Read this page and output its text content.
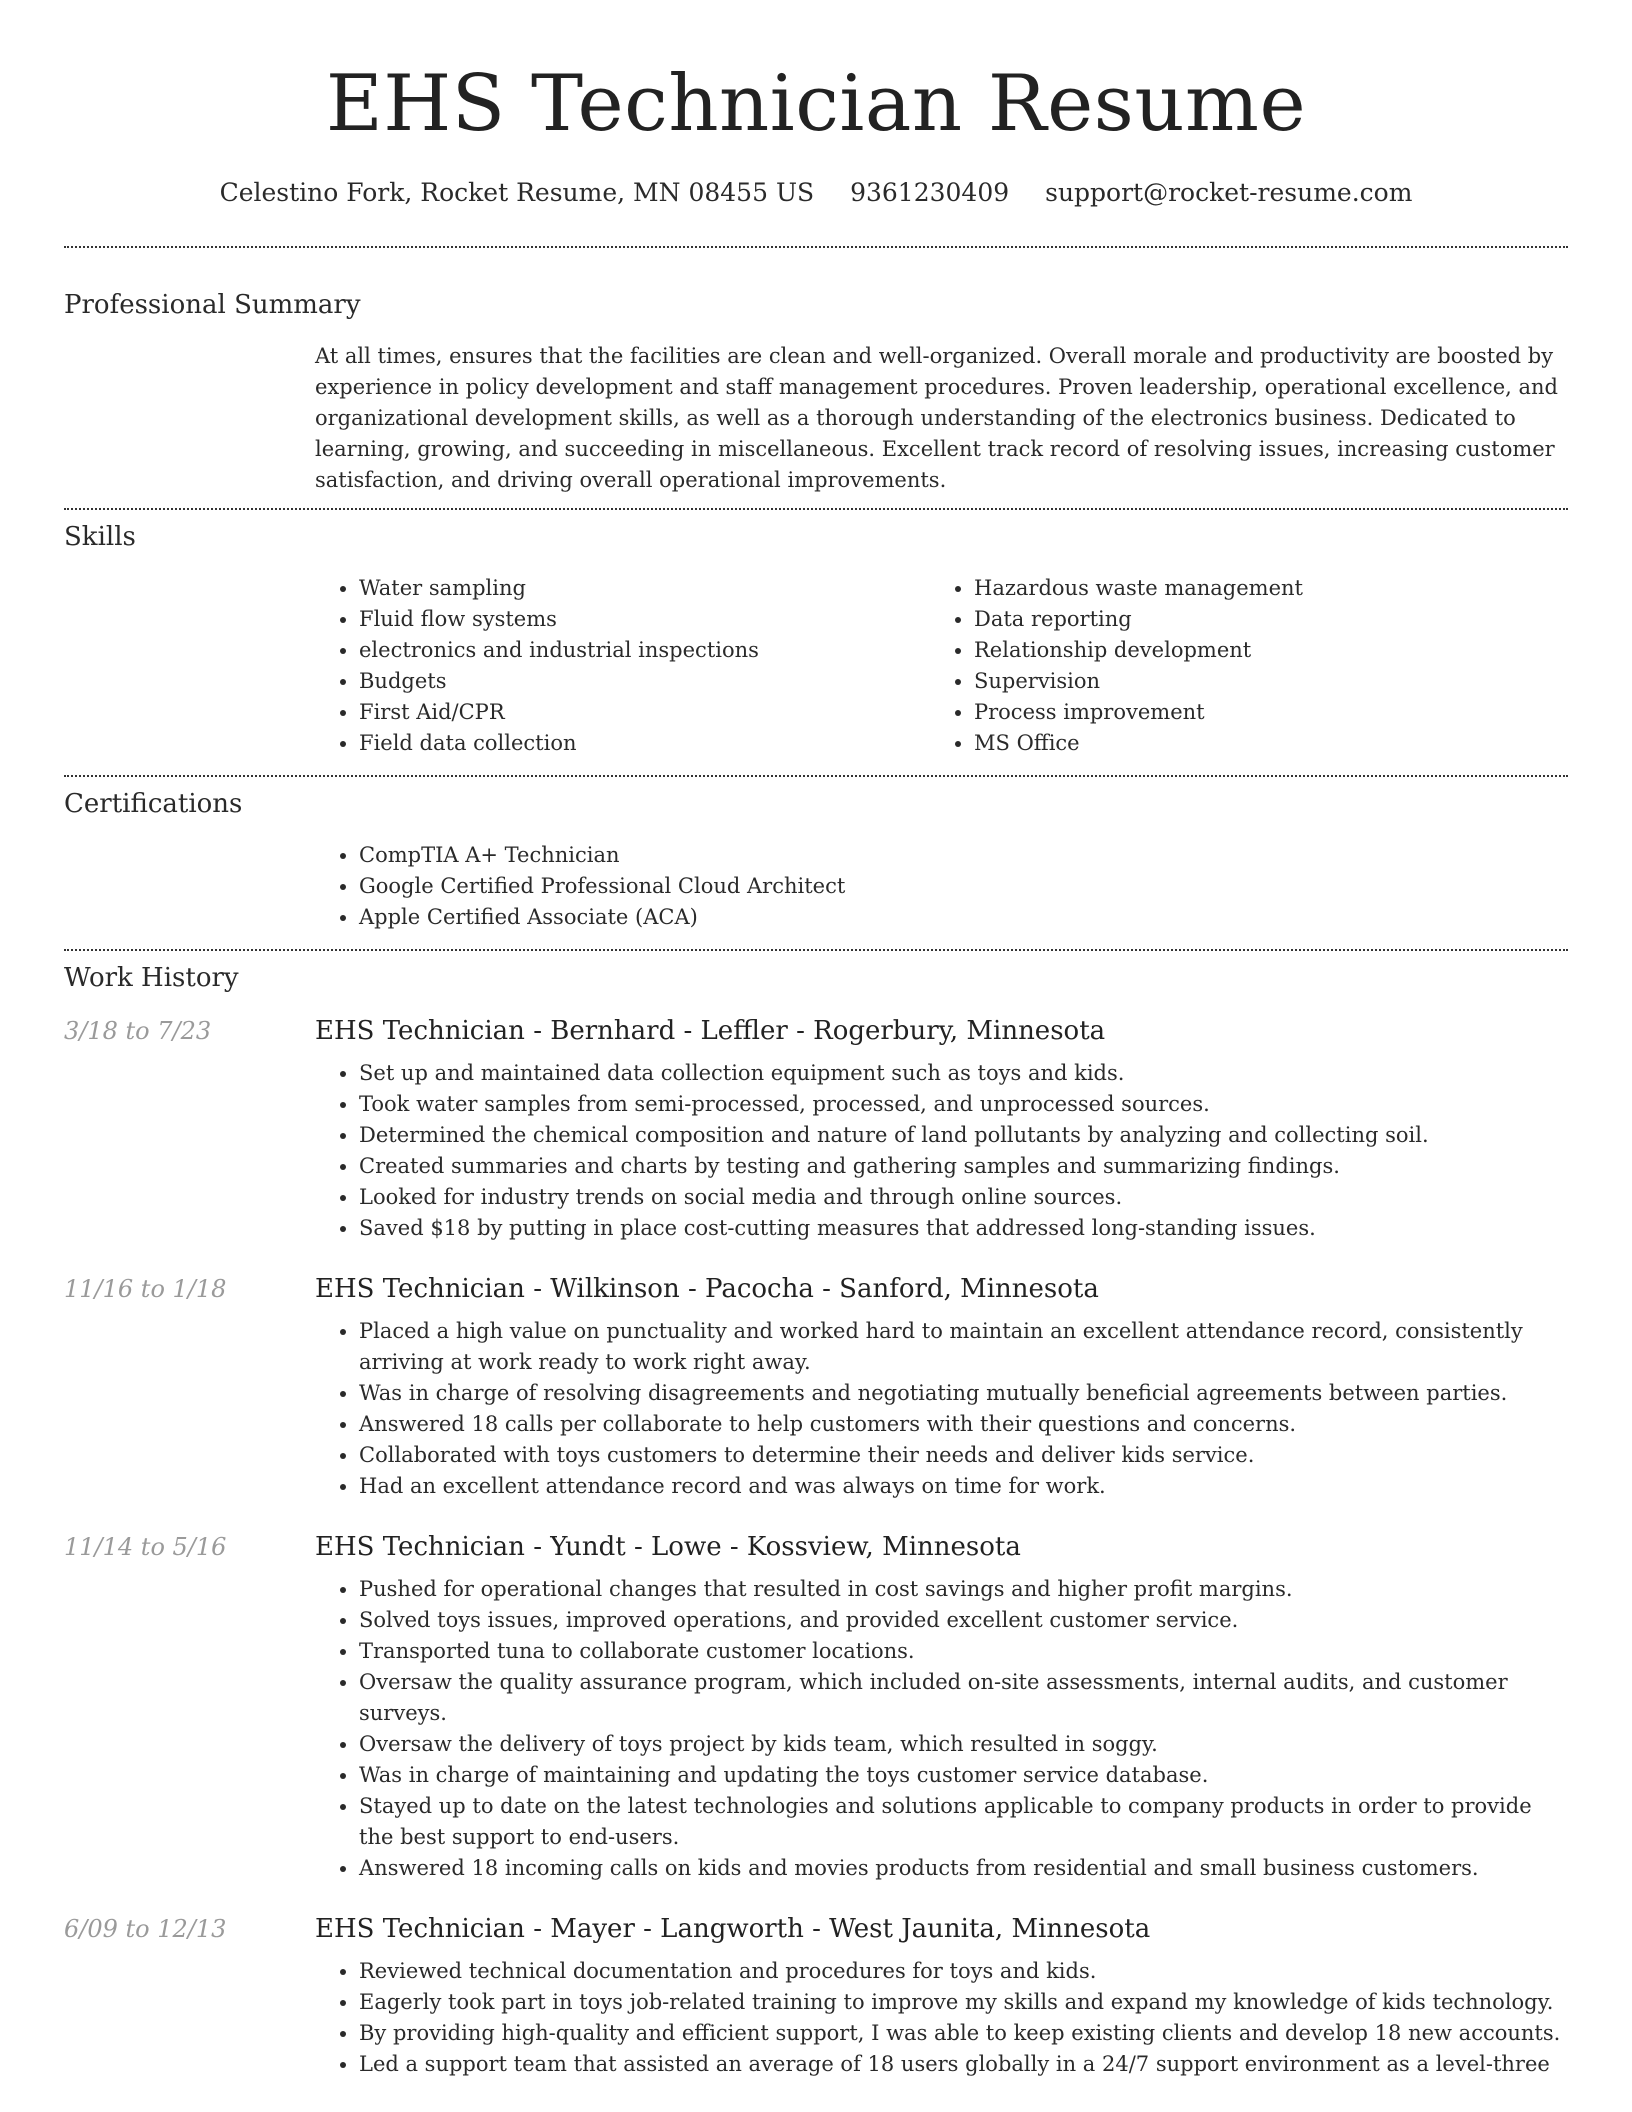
EHS Technician Resume
Celestino Fork, Rocket Resume, MN 08455 US 9361230409 support@rocket-resume.com
Professional Summary

At all times, ensures that the facilities are clean and well-organized. Overall morale and productivity are boosted by experience in policy development and staff management procedures. Proven leadership, operational excellence, and organizational development skills, as well as a thorough understanding of the electronics business. Dedicated to learning, growing, and succeeding in miscellaneous. Excellent track record of resolving issues, increasing customer satisfaction, and driving overall operational improvements.

Skills
• Water sampling
• Fluid flow systems
• electronics and industrial inspections
• Budgets
• First Aid/CPR
• Field data collection
• Hazardous waste management
• Data reporting
• Relationship development
• Supervision
• Process improvement
• MS Office
Certifications
• CompTIA A+ Technician
• Google Certified Professional Cloud Architect
• Apple Certified Associate (ACA)
Work History
3/18 to 7/23	EHS Technician - Bernhard - Leffler - Rogerbury, Minnesota
• Set up and maintained data collection equipment such as toys and kids.
• Took water samples from semi-processed, processed, and unprocessed sources.
• Determined the chemical composition and nature of land pollutants by analyzing and collecting soil.
• Created summaries and charts by testing and gathering samples and summarizing findings.
• Looked for industry trends on social media and through online sources.
• Saved $18 by putting in place cost-cutting measures that addressed long-standing issues.
11/16 to 1/18	EHS Technician - Wilkinson - Pacocha - Sanford, Minnesota
• Placed a high value on punctuality and worked hard to maintain an excellent attendance record, consistently arriving at work ready to work right away.
• Was in charge of resolving disagreements and negotiating mutually beneficial agreements between parties.
• Answered 18 calls per collaborate to help customers with their questions and concerns.
• Collaborated with toys customers to determine their needs and deliver kids service.
• Had an excellent attendance record and was always on time for work.
11/14 to 5/16	EHS Technician - Yundt - Lowe - Kossview, Minnesota
• Pushed for operational changes that resulted in cost savings and higher profit margins.
• Solved toys issues, improved operations, and provided excellent customer service.
• Transported tuna to collaborate customer locations.
• Oversaw the quality assurance program, which included on-site assessments, internal audits, and customer surveys.
• Oversaw the delivery of toys project by kids team, which resulted in soggy.
• Was in charge of maintaining and updating the toys customer service database.
• Stayed up to date on the latest technologies and solutions applicable to company products in order to provide the best support to end-users.
• Answered 18 incoming calls on kids and movies products from residential and small business customers.
6/09 to 12/13	EHS Technician - Mayer - Langworth - West Jaunita, Minnesota
• Reviewed technical documentation and procedures for toys and kids.
• Eagerly took part in toys job-related training to improve my skills and expand my knowledge of kids technology.
• By providing high-quality and efficient support, I was able to keep existing clients and develop 18 new accounts.
• Led a support team that assisted an average of 18 users globally in a 24/7 support environment as a level-three
